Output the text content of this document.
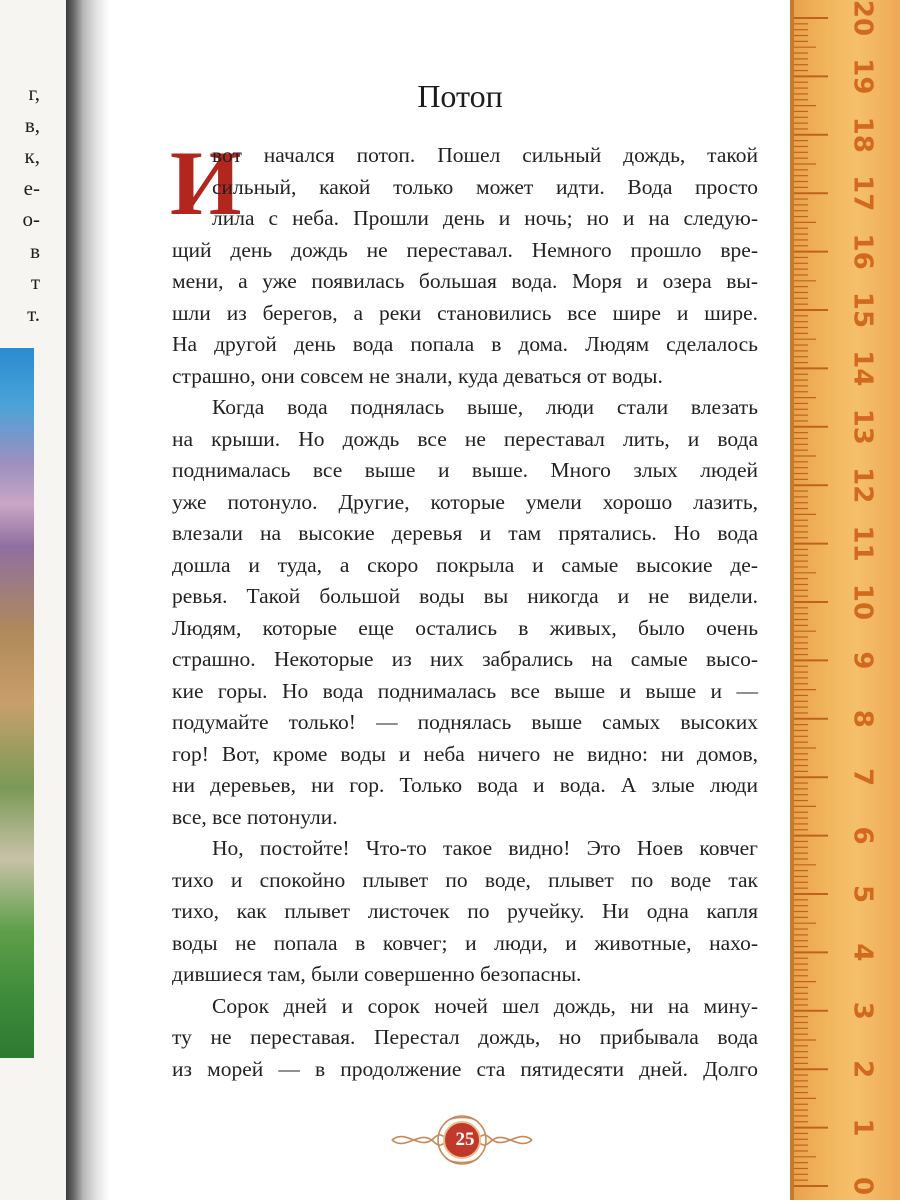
г,
в,
к,
е-
о-
в
т
т.
Потоп
И
вот начался потоп. Пошел сильный дождь, такой
сильный, какой только может идти. Вода просто
лила с неба. Прошли день и ночь; но и на следую-
щий день дождь не переставал. Немного прошло вре-
мени, а уже появилась большая вода. Моря и озера вы-
шли из берегов, а реки становились все шире и шире.
На другой день вода попала в дома. Людям сделалось
страшно, они совсем не знали, куда деваться от воды.
Когда вода поднялась выше, люди стали влезать
на крыши. Но дождь все не переставал лить, и вода
поднималась все выше и выше. Много злых людей
уже потонуло. Другие, которые умели хорошо лазить,
влезали на высокие деревья и там прятались. Но вода
дошла и туда, а скоро покрыла и самые высокие де-
ревья. Такой большой воды вы никогда и не видели.
Людям, которые еще остались в живых, было очень
страшно. Некоторые из них забрались на самые высо-
кие горы. Но вода поднималась все выше и выше и —
подумайте только! — поднялась выше самых высоких
гор! Вот, кроме воды и неба ничего не видно: ни домов,
ни деревьев, ни гор. Только вода и вода. А злые люди
все, все потонули.
Но, постойте! Что-то такое видно! Это Ноев ковчег
тихо и спокойно плывет по воде, плывет по воде так
тихо, как плывет листочек по ручейку. Ни одна капля
воды не попала в ковчег; и люди, и животные, нахо-
дившиеся там, были совершенно безопасны.
Сорок дней и сорок ночей шел дождь, ни на мину-
ту не переставая. Перестал дождь, но прибывала вода
из морей — в продолжение ста пятидесяти дней. Долго
25
20
19
18
17
16
15
14
13
12
11
10
9
8
7
6
5
4
3
2
1
0
